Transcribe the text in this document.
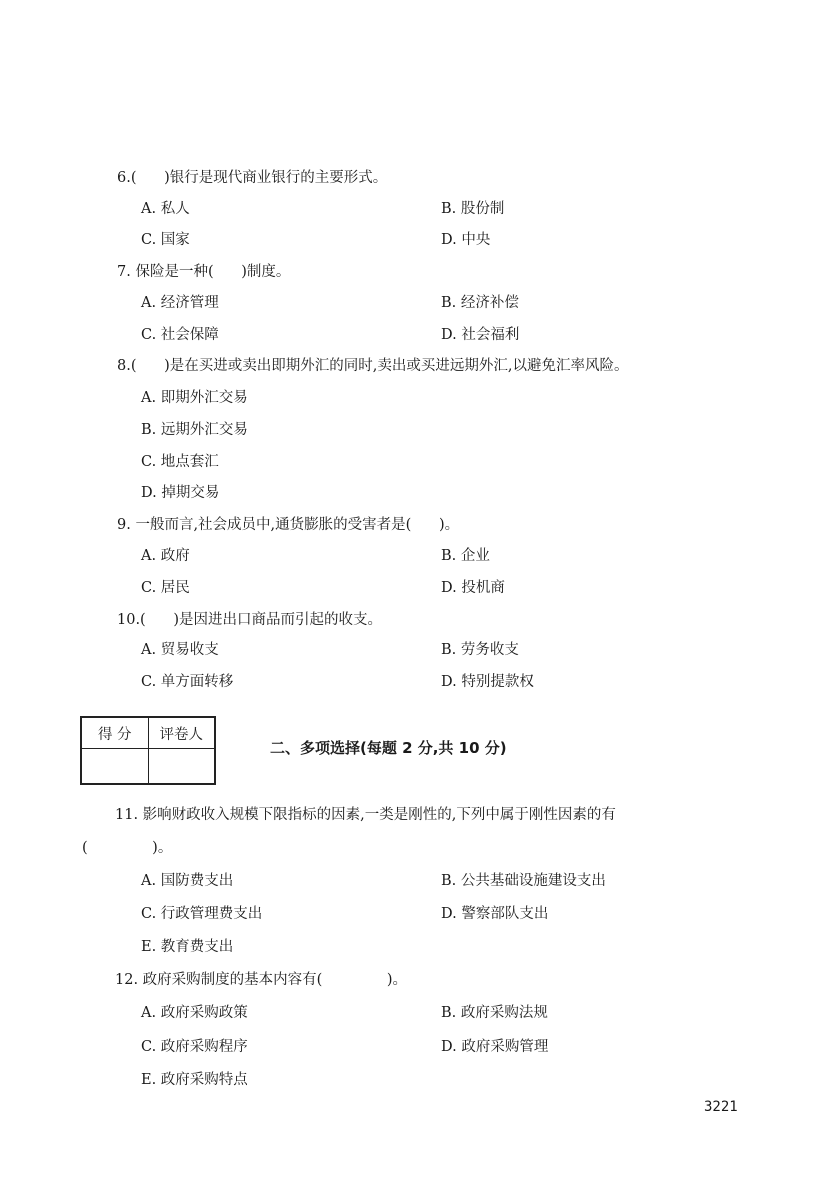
6.(      )银行是现代商业银行的主要形式。
A. 私人	B. 股份制
C. 国家	D. 中央
7. 保险是一种(      )制度。
A. 经济管理	B. 经济补偿
C. 社会保障	D. 社会福利
8.(      )是在买进或卖出即期外汇的同时,卖出或买进远期外汇,以避免汇率风险。
A. 即期外汇交易
B. 远期外汇交易
C. 地点套汇
D. 掉期交易
9. 一般而言,社会成员中,通货膨胀的受害者是(      )。
A. 政府	B. 企业
C. 居民	D. 投机商
10.(      )是因进出口商品而引起的收支。
A. 贸易收支	B. 劳务收支
C. 单方面转移	D. 特别提款权
得 分	评卷人

二、多项选择(每题 2 分,共 10 分)
11. 影响财政收入规模下限指标的因素,一类是刚性的,下列中属于刚性因素的有
(              )。
A. 国防费支出	B. 公共基础设施建设支出
C. 行政管理费支出	D. 警察部队支出
E. 教育费支出
12. 政府采购制度的基本内容有(              )。
A. 政府采购政策	B. 政府采购法规
C. 政府采购程序	D. 政府采购管理
E. 政府采购特点
3221
